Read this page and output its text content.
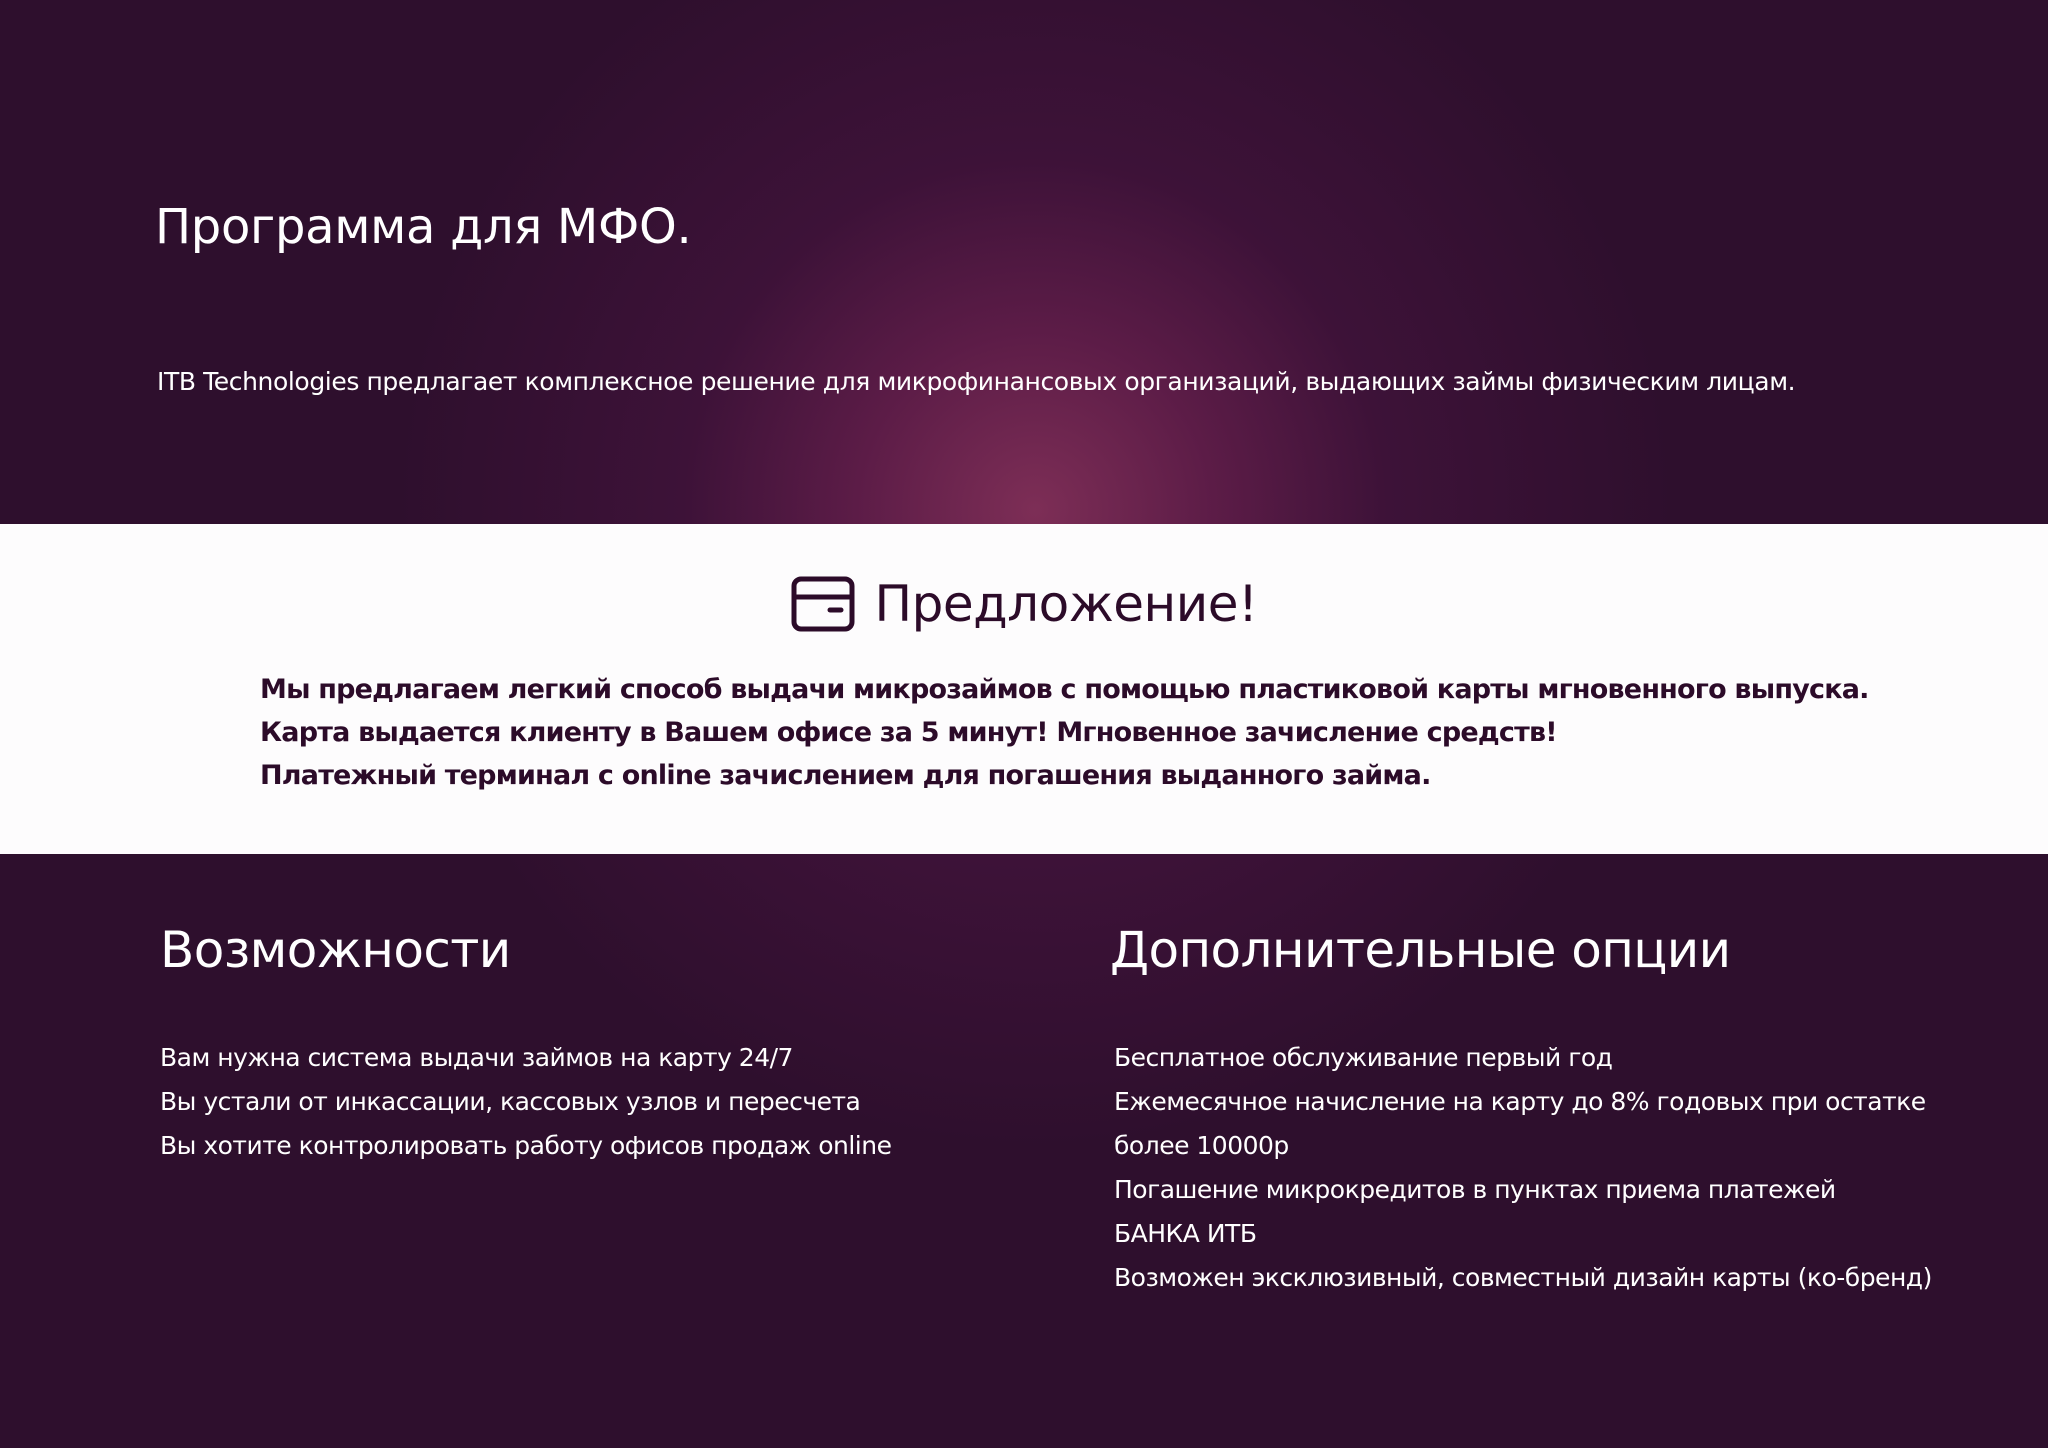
Программа для МФО.

ITB Technologies предлагает комплексное решение для микрофинансовых организаций, выдающих займы физическим лицам.

Предложение!
Мы предлагаем легкий способ выдачи микрозаймов с помощью пластиковой карты мгновенного выпуска.
Карта выдается клиенту в Вашем офисе за 5 минут! Мгновенное зачисление средств!
Платежный терминал с online зачислением для погашения выданного займа.
Возможности
Вам нужна система выдачи займов на карту 24/7
Вы устали от инкассации, кассовых узлов и пересчета
Вы хотите контролировать работу офисов продаж online
Дополнительные опции
Бесплатное обслуживание первый год
Ежемесячное начисление на карту до 8% годовых при остатке
более 10000р
Погашение микрокредитов в пунктах приема платежей
БАНКА ИТБ
Возможен эксклюзивный, совместный дизайн карты (ко-бренд)
